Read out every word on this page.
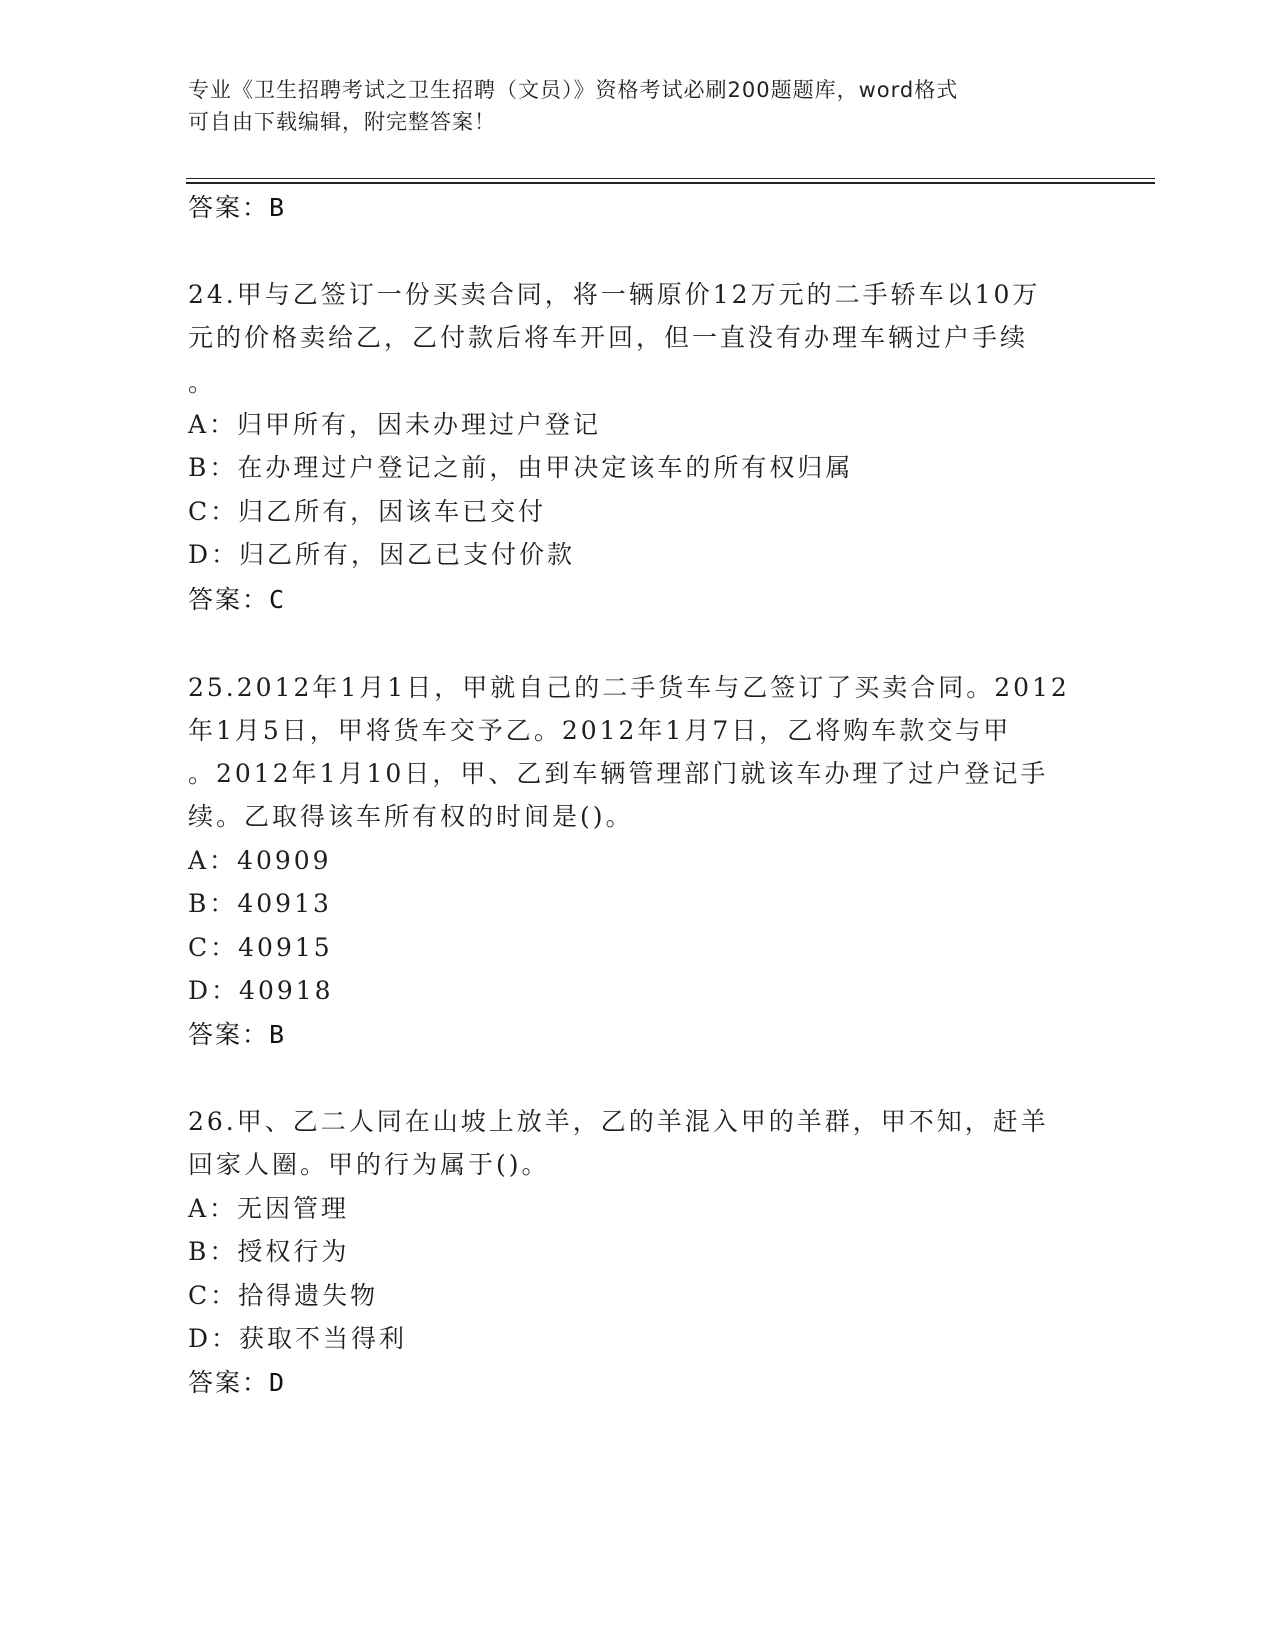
专业《卫生招聘考试之卫生招聘（文员）》资格考试必刷200题题库，word格式
可自由下载编辑，附完整答案！
答案：B
24.甲与乙签订一份买卖合同，将一辆原价12万元的二手轿车以10万
元的价格卖给乙，乙付款后将车开回，但一直没有办理车辆过户手续
。
A：归甲所有，因未办理过户登记
B：在办理过户登记之前，由甲决定该车的所有权归属
C：归乙所有，因该车已交付
D：归乙所有，因乙已支付价款
答案：C
25.2012年1月1日，甲就自己的二手货车与乙签订了买卖合同。2012
年1月5日，甲将货车交予乙。2012年1月7日，乙将购车款交与甲
。2012年1月10日，甲、乙到车辆管理部门就该车办理了过户登记手
续。乙取得该车所有权的时间是()。
A：40909
B：40913
C：40915
D：40918
答案：B
26.甲、乙二人同在山坡上放羊，乙的羊混入甲的羊群，甲不知，赶羊
回家人圈。甲的行为属于()。
A：无因管理
B：授权行为
C：拾得遗失物
D：获取不当得利
答案：D
